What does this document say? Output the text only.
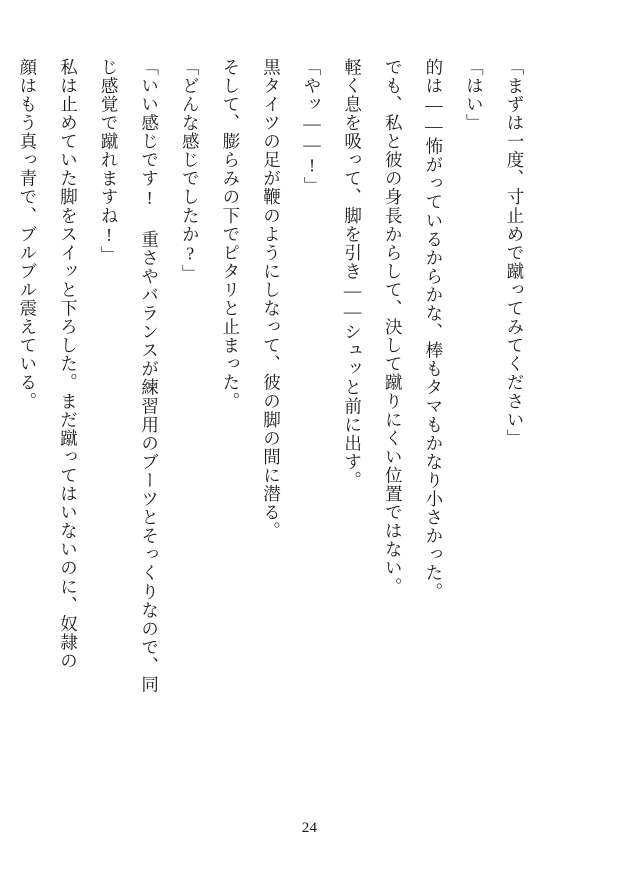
「まずは一度、寸止めで蹴ってみてください」
「はい」
的は――怖がっているからかな、棒もタマもかなり小さかった。
でも、私と彼の身長からして、決して蹴りにくい位置ではない。
軽く息を吸って、脚を引き――シュッと前に出す。
「やッ――!」
黒タイツの足が鞭のようにしなって、彼の脚の間に潜る。
そして、膨らみの下でピタリと止まった。
「どんな感じでしたか?」
「いい感じです! 重さやバランスが練習用のブーツとそっくりなので、同
じ感覚で蹴れますね!」
私は止めていた脚をスイッと下ろした。まだ蹴ってはいないのに、奴隷の
顔はもう真っ青で、ブルブル震えている。
24
